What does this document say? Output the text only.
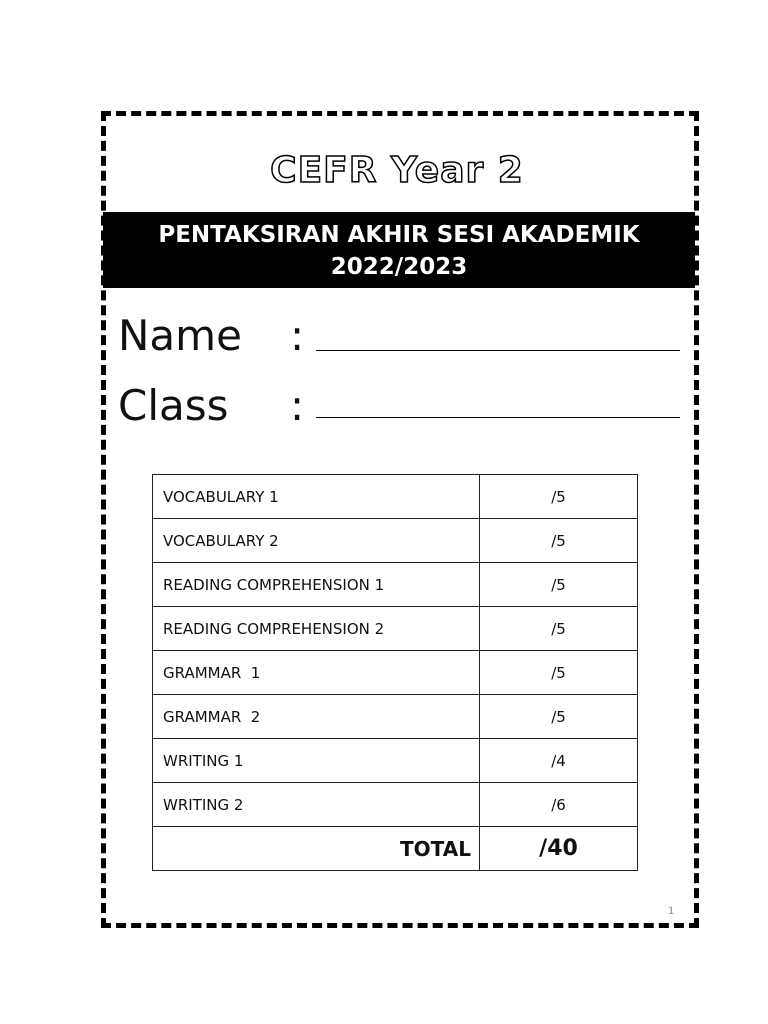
CEFR Year 2
PENTAKSIRAN AKHIR SESI AKADEMIK
2022/2023
Name :
Class :
VOCABULARY 1	/5
VOCABULARY 2	/5
READING COMPREHENSION 1	/5
READING COMPREHENSION 2	/5
GRAMMAR  1	/5
GRAMMAR  2	/5
WRITING 1	/4
WRITING 2	/6
TOTAL	/40
1
